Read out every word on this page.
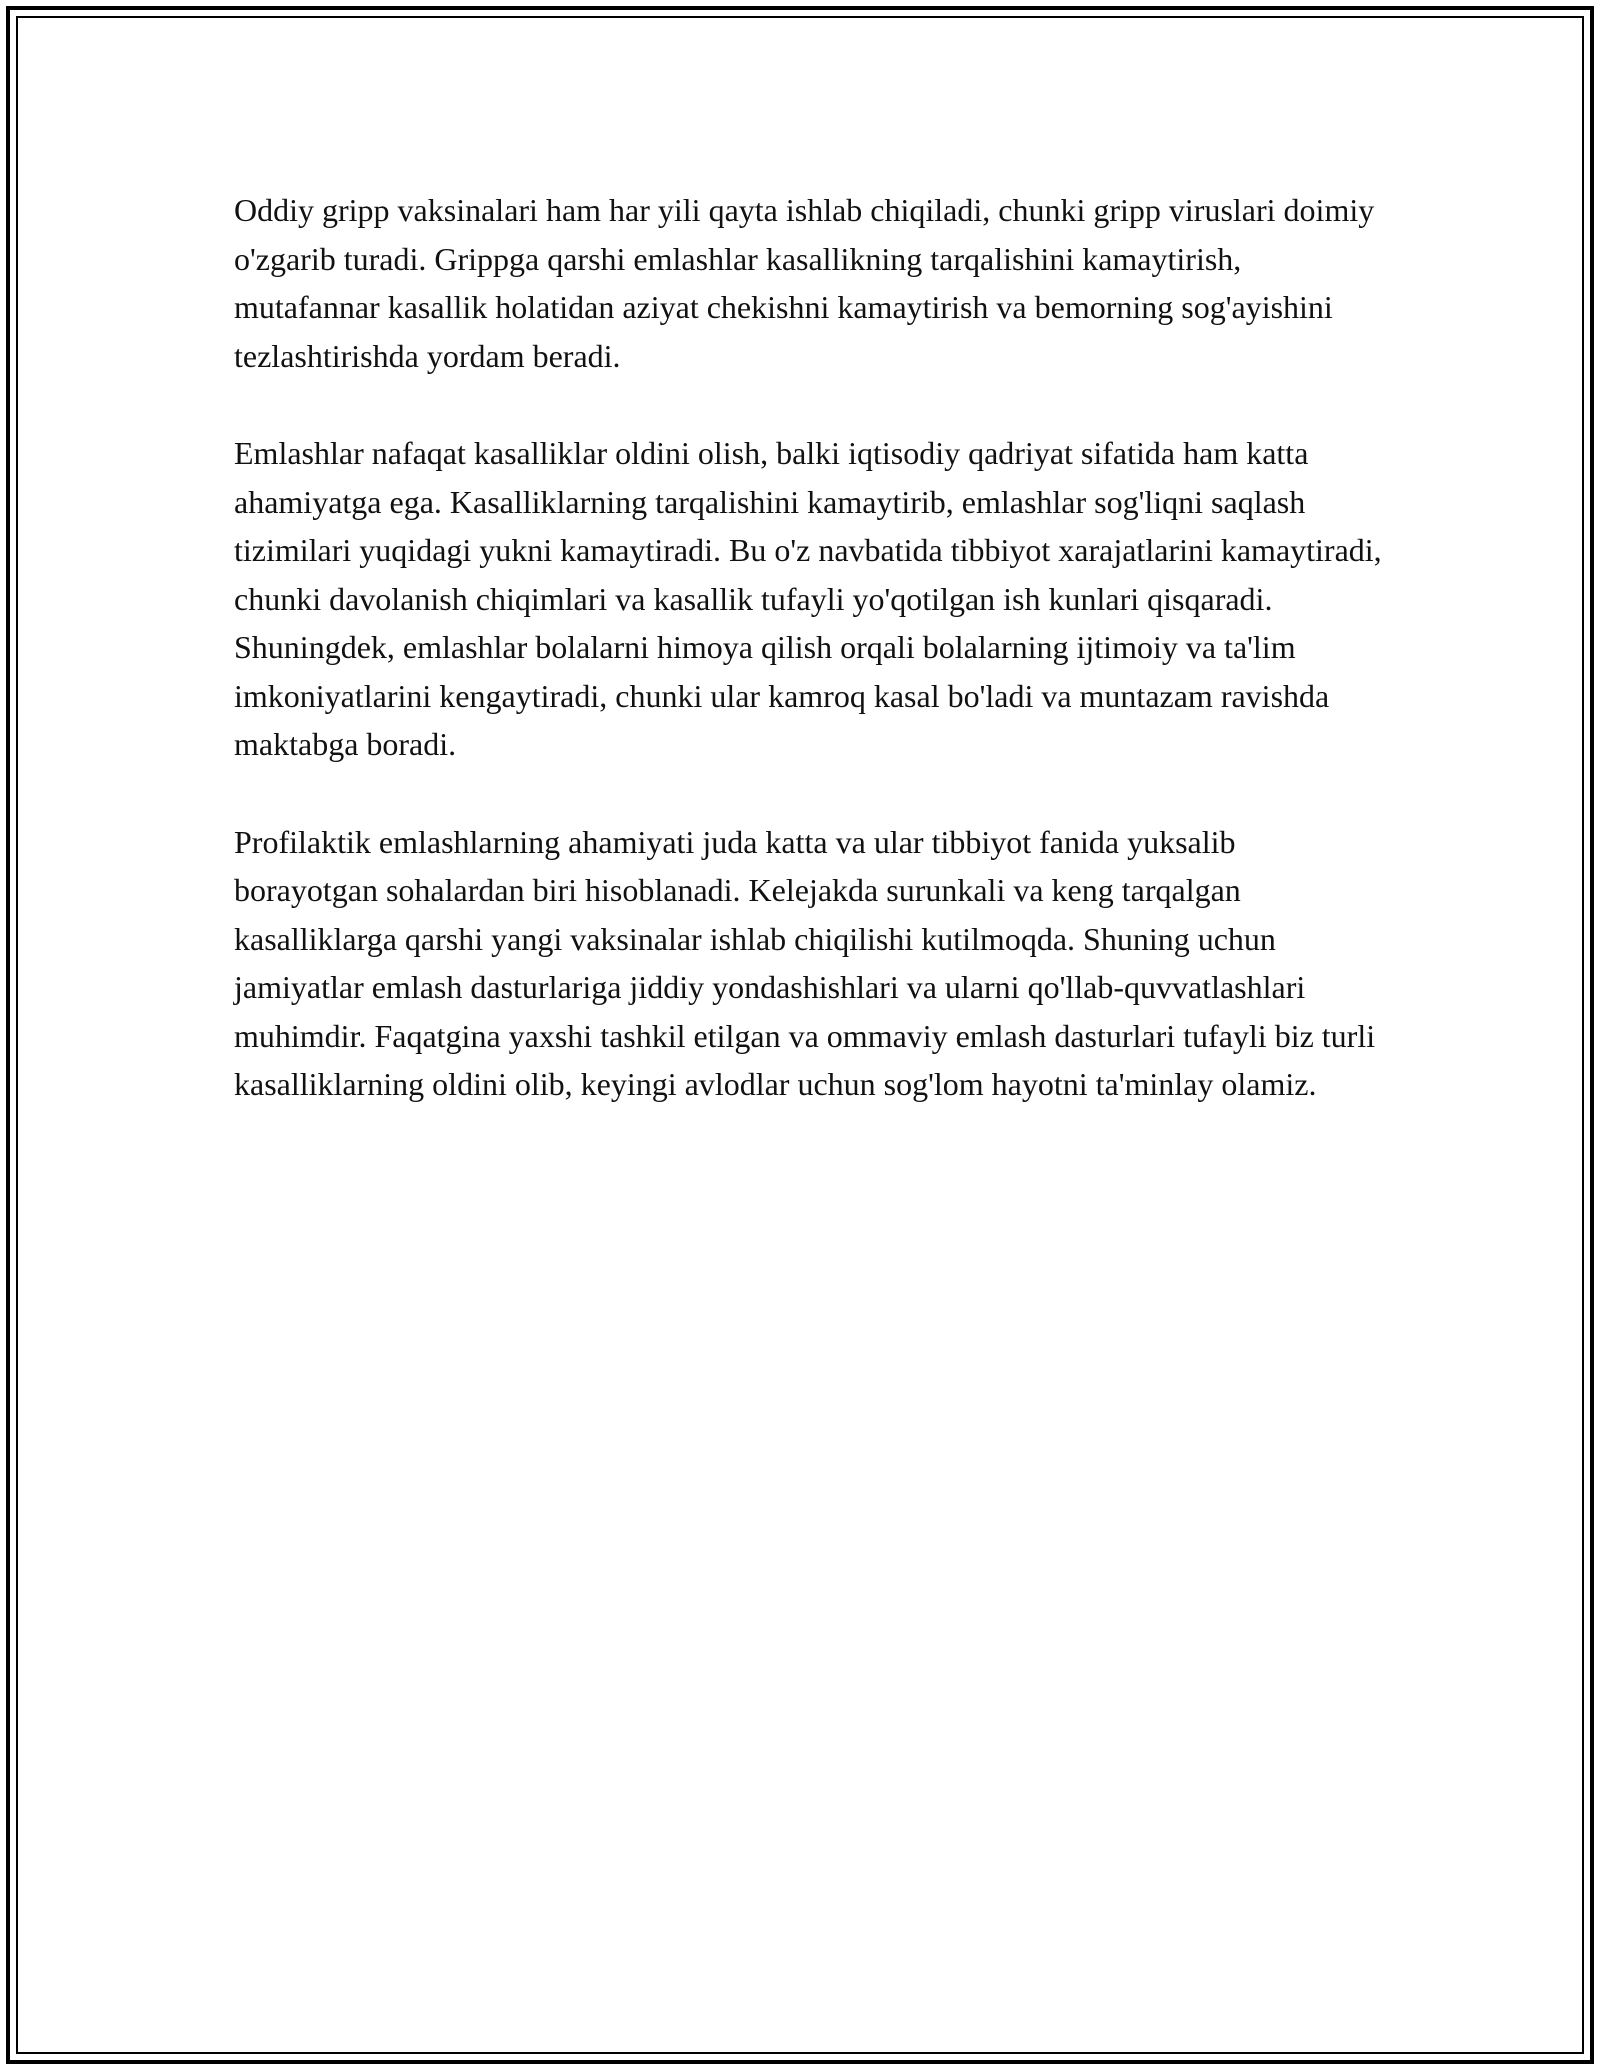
Oddiy gripp vaksinalari ham har yili qayta ishlab chiqiladi, chunki gripp viruslari doimiy o'zgarib turadi. Grippga qarshi emlashlar kasallikning tarqalishini kamaytirish, mutafannar kasallik holatidan aziyat chekishni kamaytirish va bemorning sog'ayishini tezlashtirishda yordam beradi.

Emlashlar nafaqat kasalliklar oldini olish, balki iqtisodiy qadriyat sifatida ham katta ahamiyatga ega. Kasalliklarning tarqalishini kamaytirib, emlashlar sog'liqni saqlash tizimilari yuqidagi yukni kamaytiradi. Bu o'z navbatida tibbiyot xarajatlarini kamaytiradi, chunki davolanish chiqimlari va kasallik tufayli yo'qotilgan ish kunlari qisqaradi. Shuningdek, emlashlar bolalarni himoya qilish orqali bolalarning ijtimoiy va ta'lim imkoniyatlarini kengaytiradi, chunki ular kamroq kasal bo'ladi va muntazam ravishda maktabga boradi.

Profilaktik emlashlarning ahamiyati juda katta va ular tibbiyot fanida yuksalib borayotgan sohalardan biri hisoblanadi. Kelejakda surunkali va keng tarqalgan kasalliklarga qarshi yangi vaksinalar ishlab chiqilishi kutilmoqda. Shuning uchun jamiyatlar emlash dasturlariga jiddiy yondashishlari va ularni qo'llab-quvvatlashlari muhimdir. Faqatgina yaxshi tashkil etilgan va ommaviy emlash dasturlari tufayli biz turli kasalliklarning oldini olib, keyingi avlodlar uchun sog'lom hayotni ta'minlay olamiz.
